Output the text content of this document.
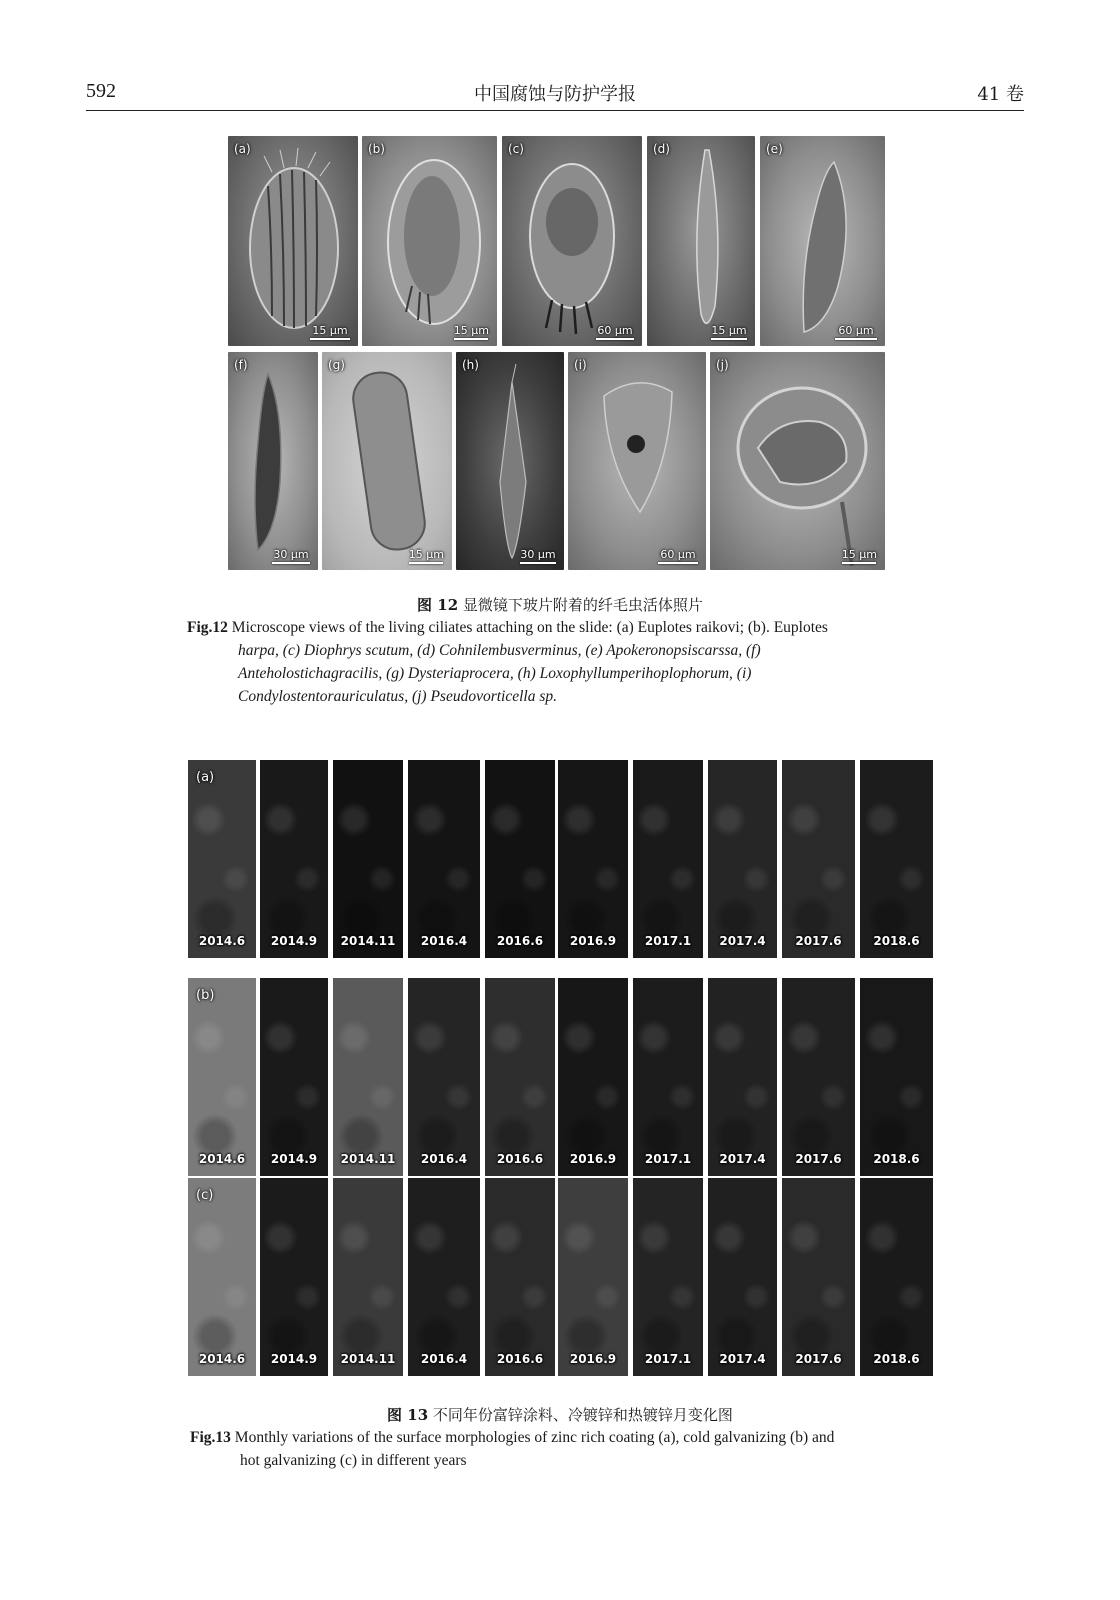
592	中国腐蚀与防护学报	41 卷
(a)
15 μm
(b)
15 μm
(c)
60 μm
(d)
15 μm
(e)
60 μm
(f)
30 μm
(g)
15 μm
(h)
30 μm
(i)
60 μm
(j)
15 μm
图 12 显微镜下玻片附着的纤毛虫活体照片
Fig.12 Microscope views of the living ciliates attaching on the slide: (a) Euplotes raikovi; (b). Euplotes
harpa, (c) Diophrys scutum, (d) Cohnilembusverminus, (e) Apokeronopsiscarssa, (f)
Anteholostichagracilis, (g) Dysteriaprocera, (h) Loxophyllumperihoplophorum, (i)
Condylostentorauriculatus, (j) Pseudovorticella sp.
2014.6	2014.9	2014.11	2016.4	2016.6	2016.9	2017.1	2017.4	2017.6	2018.6
(a)
2014.6	2014.9	2014.11	2016.4	2016.6	2016.9	2017.1	2017.4	2017.6	2018.6
(b)
2014.6	2014.9	2014.11	2016.4	2016.6	2016.9	2017.1	2017.4	2017.6	2018.6
(c)
图 13 不同年份富锌涂料、冷镀锌和热镀锌月变化图
Fig.13 Monthly variations of the surface morphologies of zinc rich coating (a), cold galvanizing (b) and
hot galvanizing (c) in different years
